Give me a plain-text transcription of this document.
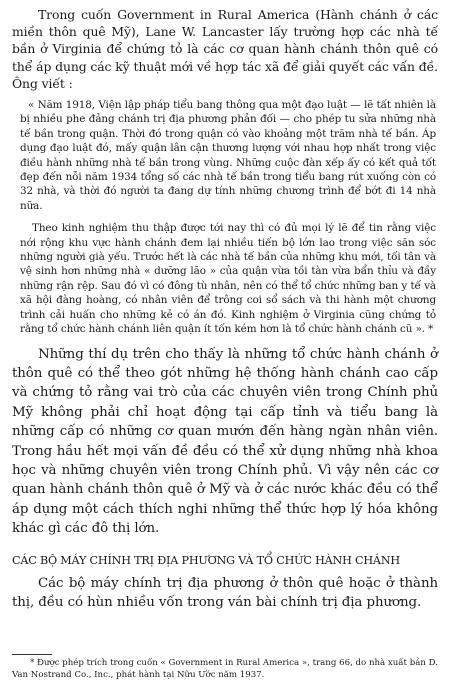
Trong cuốn Government in Rural America (Hành chánh ở các miền thôn quê Mỹ), Lane W. Lancaster lấy trường hợp các nhà tế bần ở Virginia để chứng tỏ là các cơ quan hành chánh thôn quê có thể áp dụng các kỹ thuật mới về hợp tác xã để giải quyết các vấn đề. Ông viết :

« Năm 1918, Viện lập pháp tiểu bang thông qua một đạo luật — lẽ tất nhiên là bị nhiều phe đảng chánh trị địa phương phản đối — cho phép tu sửa những nhà tế bần trong quận. Thời đó trong quận có vào khoảng một trăm nhà tế bần. Áp dụng đạo luật đó, mấy quận lân cận thương lượng với nhau hợp nhất trong việc điều hành những nhà tế bần trong vùng. Những cuộc đàn xếp ấy có kết quả tốt đẹp đến nỗi năm 1934 tổng số các nhà tế bần trong tiểu bang rút xuống còn có 32 nhà, và thời đó người ta đang dự tính những chương trình để bớt đi 14 nhà nữa.

Theo kinh nghiệm thu thập được tới nay thì có đủ mọi lý lẽ để tin rằng việc nới rộng khu vực hành chánh đem lại nhiều tiến bộ lớn lao trong việc săn sóc những người già yếu. Trước hết là các nhà tế bần của những khu mới, tối tân và vệ sinh hơn những nhà « dưỡng lão » của quận vừa tồi tàn vừa bẩn thỉu và đầy những rận rệp. Sau đó vì có đông tù nhân, nên có thể tổ chức những ban y tế và xã hội đàng hoàng, có nhân viên để trông coi sổ sách và thi hành một chương trình cải huấn cho những kẻ có án đó. Kinh nghiệm ở Virginia cũng chứng tỏ rằng tổ chức hành chánh liên quận ít tốn kém hơn là tổ chức hành chánh cũ ». *

Những thí dụ trên cho thấy là những tổ chức hành chánh ở thôn quê có thể theo gót những hệ thống hành chánh cao cấp và chứng tỏ rằng vai trò của các chuyên viên trong Chính phủ Mỹ không phải chỉ hoạt động tại cấp tỉnh và tiểu bang là những cấp có những cơ quan mướn đến hàng ngàn nhân viên. Trong hầu hết mọi vấn đề đều có thể xử dụng những nhà khoa học và những chuyên viên trong Chính phủ. Vì vậy nên các cơ quan hành chánh thôn quê ở Mỹ và ở các nước khác đều có thể áp dụng một cách thích nghi những thể thức hợp lý hóa không khác gì các đô thị lớn.

CÁC BỘ MÁY CHÍNH TRỊ ĐỊA PHƯƠNG VÀ TỔ CHỨC HÀNH CHÁNH

Các bộ máy chính trị địa phương ở thôn quê hoặc ở thành thị, đều có hùn nhiều vốn trong ván bài chính trị địa phương.

* Được phép trích trong cuốn « Government in Rural America », trang 66, do nhà xuất bản D. Van Nostrand Co., Inc., phát hành tại Nữu Ước năm 1937.
